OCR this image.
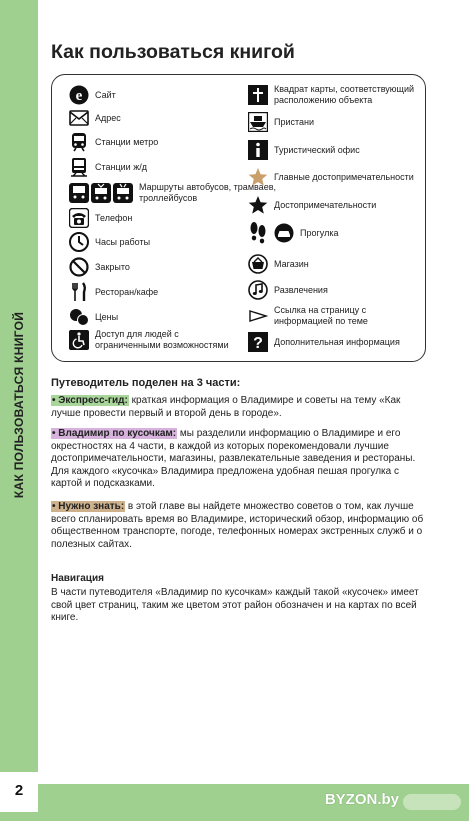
КАК ПОЛЬЗОВАТЬСЯ КНИГОЙ
2
BYZON.by
Как пользоваться книгой
e Сайт
Адрес
Станции метро
Станции ж/д
Маршруты автобусов, трамваев, троллейбусов
Телефон
Часы работы
Закрыто
Ресторан/кафе
Цены
Доступ для людей с ограниченными возможностями
Квадрат карты, соответствующий расположению объекта
Пристани
Туристический офис
Главные достопримечательности
Достопримечательности
Прогулка
Магазин
Развлечения
Ссылка на страницу с информацией по теме
? Дополнительная информация
Путеводитель поделен на 3 части:
• Экспресс-гид: краткая информация о Владимире и советы на тему «Как лучше провести первый и второй день в городе».
• Владимир по кусочкам: мы разделили информацию о Владимире и его окрестностях на 4 части, в каждой из которых порекомендовали лучшие достопримечательности, магазины, развлекательные заведения и рестораны. Для каждого «кусочка» Владимира предложена удобная пешая прогулка с картой и подсказками.
• Нужно знать: в этой главе вы найдете множество советов о том, как лучше всего спланировать время во Владимире, исторический обзор, информацию об общественном транспорте, погоде, телефонных номерах экстренных служб и о полезных сайтах.
Навигация
В части путеводителя «Владимир по кусочкам» каждый такой «кусочек» имеет свой цвет страниц, таким же цветом этот район обозначен и на картах по всей книге.
